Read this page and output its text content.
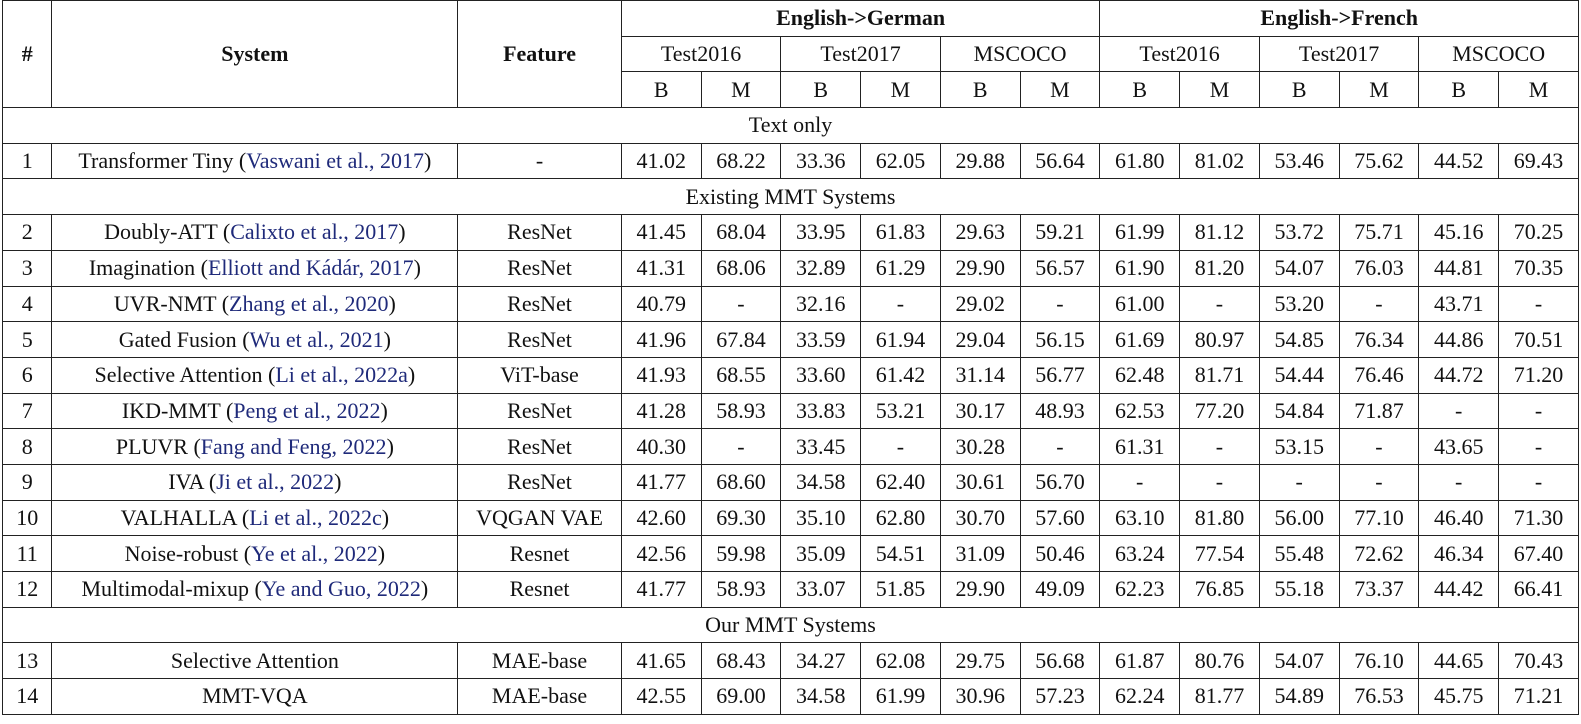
#	System	Feature	English->German						English->French					
			Test2016		Test2017		MSCOCO		Test2016		Test2017		MSCOCO	
			B	M	B	M	B	M	B	M	B	M	B	M
Text only														
1	Transformer Tiny (Vaswani et al., 2017)	-	41.02	68.22	33.36	62.05	29.88	56.64	61.80	81.02	53.46	75.62	44.52	69.43
Existing MMT Systems														
2	Doubly-ATT (Calixto et al., 2017)	ResNet	41.45	68.04	33.95	61.83	29.63	59.21	61.99	81.12	53.72	75.71	45.16	70.25
3	Imagination (Elliott and Kádár, 2017)	ResNet	41.31	68.06	32.89	61.29	29.90	56.57	61.90	81.20	54.07	76.03	44.81	70.35
4	UVR-NMT (Zhang et al., 2020)	ResNet	40.79	-	32.16	-	29.02	-	61.00	-	53.20	-	43.71	-
5	Gated Fusion (Wu et al., 2021)	ResNet	41.96	67.84	33.59	61.94	29.04	56.15	61.69	80.97	54.85	76.34	44.86	70.51
6	Selective Attention (Li et al., 2022a)	ViT-base	41.93	68.55	33.60	61.42	31.14	56.77	62.48	81.71	54.44	76.46	44.72	71.20
7	IKD-MMT (Peng et al., 2022)	ResNet	41.28	58.93	33.83	53.21	30.17	48.93	62.53	77.20	54.84	71.87	-	-
8	PLUVR (Fang and Feng, 2022)	ResNet	40.30	-	33.45	-	30.28	-	61.31	-	53.15	-	43.65	-
9	IVA (Ji et al., 2022)	ResNet	41.77	68.60	34.58	62.40	30.61	56.70	-	-	-	-	-	-
10	VALHALLA (Li et al., 2022c)	VQGAN VAE	42.60	69.30	35.10	62.80	30.70	57.60	63.10	81.80	56.00	77.10	46.40	71.30
11	Noise-robust (Ye et al., 2022)	Resnet	42.56	59.98	35.09	54.51	31.09	50.46	63.24	77.54	55.48	72.62	46.34	67.40
12	Multimodal-mixup (Ye and Guo, 2022)	Resnet	41.77	58.93	33.07	51.85	29.90	49.09	62.23	76.85	55.18	73.37	44.42	66.41
Our MMT Systems														
13	Selective Attention	MAE-base	41.65	68.43	34.27	62.08	29.75	56.68	61.87	80.76	54.07	76.10	44.65	70.43
14	MMT-VQA	MAE-base	42.55	69.00	34.58	61.99	30.96	57.23	62.24	81.77	54.89	76.53	45.75	71.21
